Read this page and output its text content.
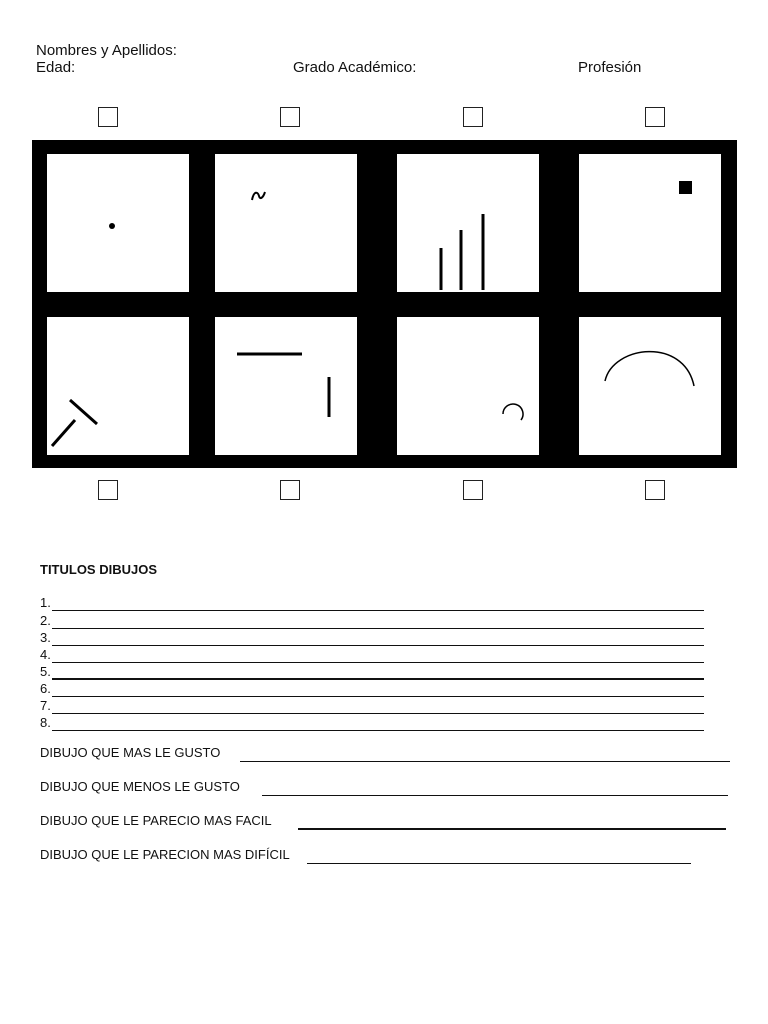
Nombres y Apellidos:
Edad:	Grado Académico:	Profesión
TITULOS DIBUJOS
1.
2.
3.
4.
5.
6.
7.
8.
DIBUJO QUE MAS LE GUSTO
DIBUJO QUE MENOS LE GUSTO
DIBUJO QUE LE PARECIO MAS FACIL
DIBUJO QUE LE PARECION MAS DIFÍCIL
